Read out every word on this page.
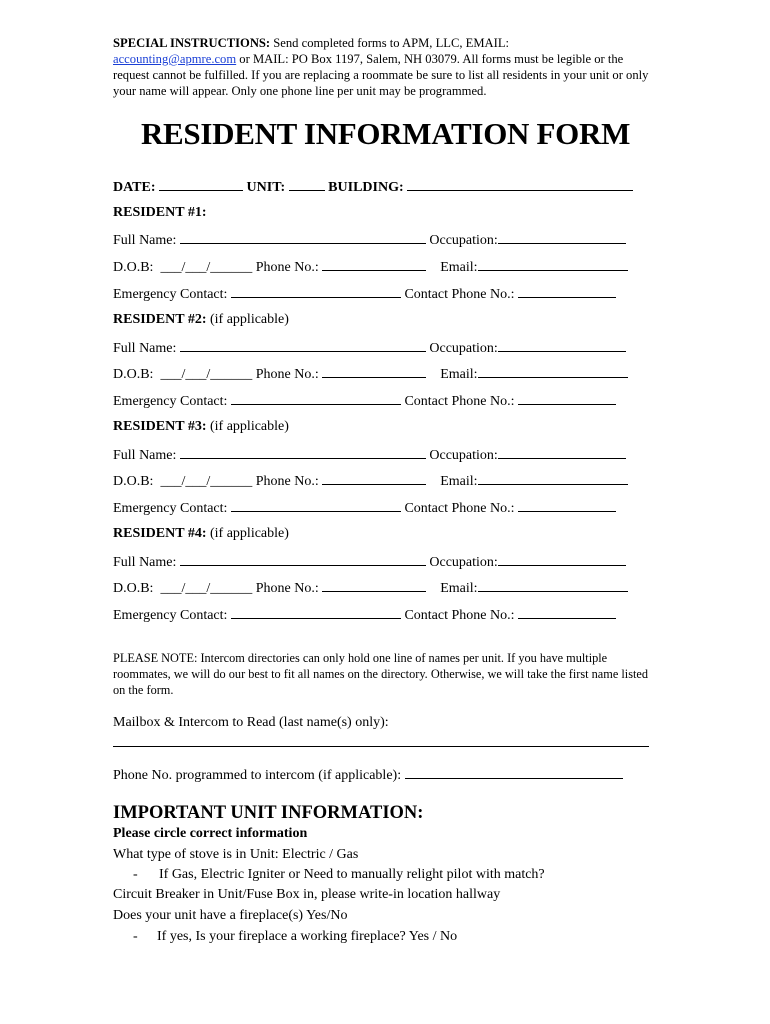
SPECIAL INSTRUCTIONS: Send completed forms to APM, LLC, EMAIL:
accounting@apmre.com or MAIL: PO Box 1197, Salem, NH 03079. All forms must be legible or the request cannot be fulfilled. If you are replacing a roommate be sure to list all residents in your unit or only your name will appear. Only one phone line per unit may be programmed.
RESIDENT INFORMATION FORM
DATE:	UNIT:	BUILDING:
RESIDENT #1:
Full Name:	Occupation:
D.O.B: ___/___/______ Phone No.:	Email:
Emergency Contact:	Contact Phone No.:
RESIDENT #2: (if applicable)
Full Name:	Occupation:
D.O.B: ___/___/______ Phone No.:	Email:
Emergency Contact:	Contact Phone No.:
RESIDENT #3: (if applicable)
Full Name:	Occupation:
D.O.B: ___/___/______ Phone No.:	Email:
Emergency Contact:	Contact Phone No.:
RESIDENT #4: (if applicable)
Full Name:	Occupation:
D.O.B: ___/___/______ Phone No.:	Email:
Emergency Contact:	Contact Phone No.:
PLEASE NOTE: Intercom directories can only hold one line of names per unit. If you have multiple roommates, we will do our best to fit all names on the directory. Otherwise, we will take the first name listed on the form.
Mailbox & Intercom to Read (last name(s) only):
Phone No. programmed to intercom (if applicable):
IMPORTANT UNIT INFORMATION:
Please circle correct information
What type of stove is in Unit: Electric / Gas
- If Gas, Electric Igniter or Need to manually relight pilot with match?
Circuit Breaker in Unit/Fuse Box in, please write-in location hallway
Does your unit have a fireplace(s) Yes/No
- If yes, Is your fireplace a working fireplace? Yes / No
